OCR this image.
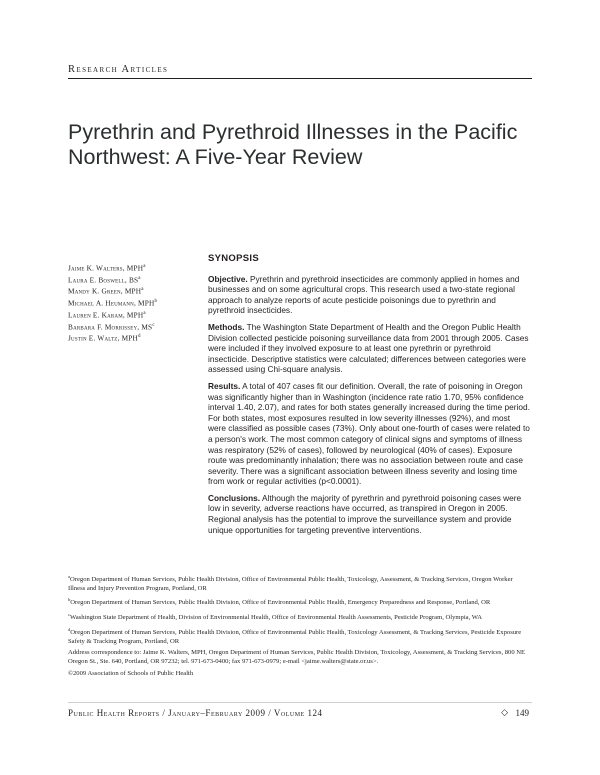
Research Articles
Pyrethrin and Pyrethroid Illnesses in the Pacific Northwest: A Five-Year Review
Jaime K. Walters, MPH$^a$
Laura E. Boswell, $BS^a$
Mandy K. Green, MPH$^a$
Michael A. Heumann, MPH$^b$
Lauren E. Karam, MPH$^a$
Barbara F. Morrissey, $MS^c$
Justin E. Waltz, MPH$^d$
SYNOPSIS

Objective. Pyrethrin and pyrethroid insecticides are commonly applied in homes and businesses and on some agricultural crops. This research used a two-state regional approach to analyze reports of acute pesticide poisonings due to pyrethrin and pyrethroid insecticides.

Methods. The Washington State Department of Health and the Oregon Public Health Division collected pesticide poisoning surveillance data from 2001 through 2005. Cases were included if they involved exposure to at least one pyrethrin or pyrethroid insecticide. Descriptive statistics were calculated; differences between categories were assessed using Chi-square analysis.

Results. A total of 407 cases fit our definition. Overall, the rate of poisoning in Oregon was significantly higher than in Washington (incidence rate ratio 1.70, 95% confidence interval 1.40, 2.07), and rates for both states generally increased during the time period. For both states, most exposures resulted in low severity illnesses (92%), and most were classified as possible cases (73%). Only about one-fourth of cases were related to a person's work. The most common category of clinical signs and symptoms of illness was respiratory (52% of cases), followed by neurological (40% of cases). Exposure route was predominantly inhalation; there was no association between route and case severity. There was a significant association between illness severity and losing time from work or regular activities (p<0.0001).

Conclusions. Although the majority of pyrethrin and pyrethroid poisoning cases were low in severity, adverse reactions have occurred, as transpired in Oregon in 2005. Regional analysis has the potential to improve the surveillance system and provide unique opportunities for targeting preventive interventions.

$^a$Oregon Department of Human Services, Public Health Division, Office of Environmental Public Health, Toxicology, Assessment, & Tracking Services, Oregon Worker Illness and Injury Prevention Program, Portland, OR

$^b$Oregon Department of Human Services, Public Health Division, Office of Environmental Public Health, Emergency Preparedness and Response, Portland, OR

$^c$Washington State Department of Health, Division of Environmental Health, Office of Environmental Health Assessments, Pesticide Program, Olympia, WA

$^d$Oregon Department of Human Services, Public Health Division, Office of Environmental Public Health, Toxicology Assessment, & Tracking Services, Pesticide Exposure Safety & Tracking Program, Portland, OR

Address correspondence to: Jaime K. Walters, MPH, Oregon Department of Human Services, Public Health Division, Toxicology, Assessment, & Tracking Services, 800 NE Oregon St., Ste. 640, Portland, OR 97232; tel. 971-673-0400; fax 971-673-0979; e-mail <jaime.walters@state.or.us>.

©2009 Association of Schools of Public Health

Public Health Reports / January–February 2009 / Volume 124	◇ 149
